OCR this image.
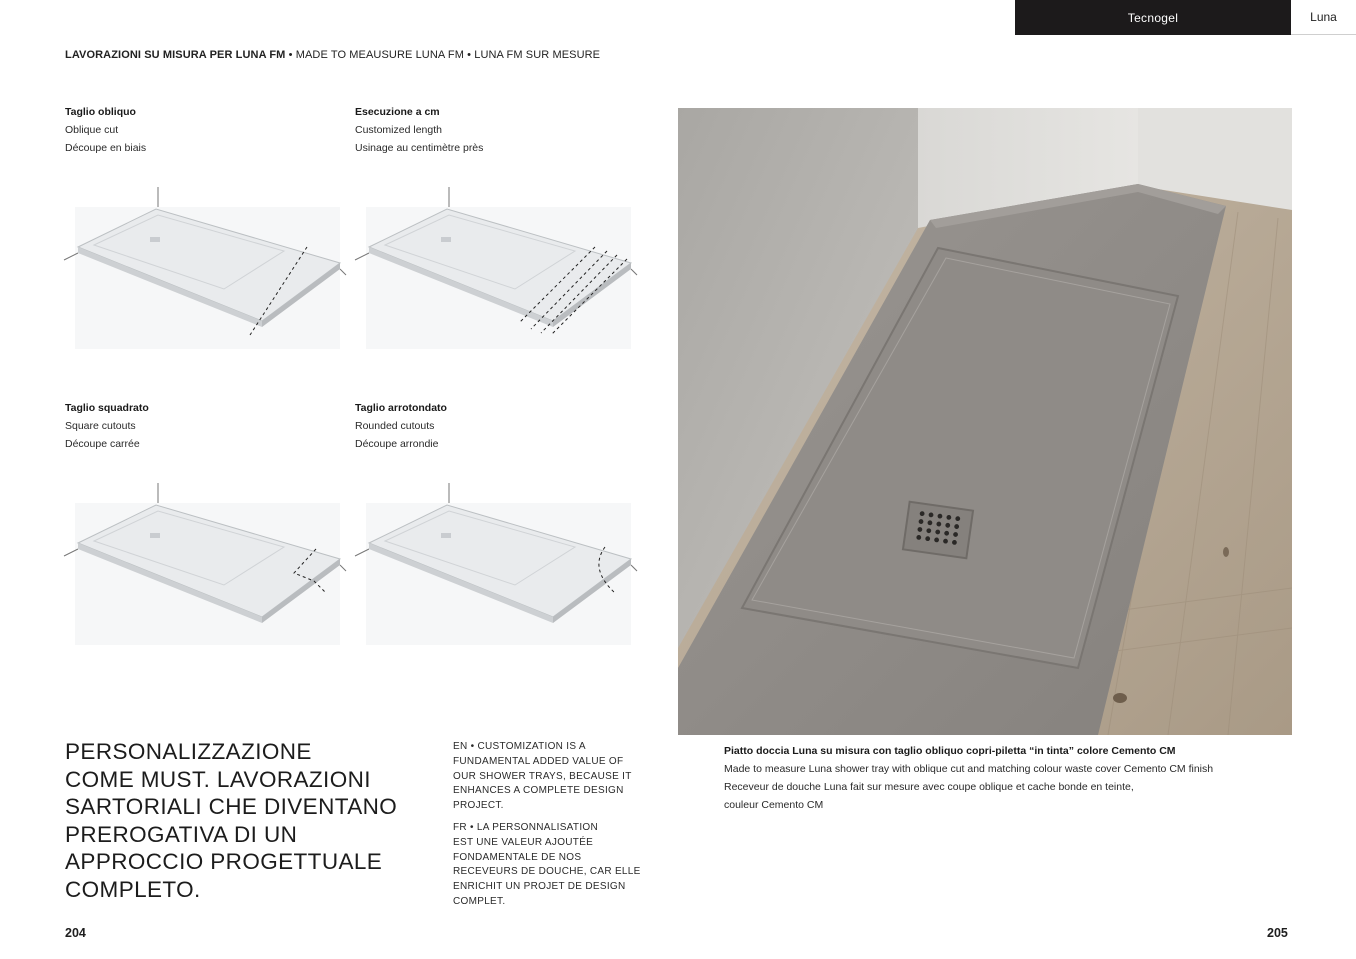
Tecnogel	Luna
LAVORAZIONI SU MISURA PER LUNA FM • MADE TO MEAUSURE LUNA FM • LUNA FM SUR MESURE
Taglio obliquo
Oblique cut
Découpe en biais
Esecuzione a cm
Customized length
Usinage au centimètre près
Taglio squadrato
Square cutouts
Découpe carrée
Taglio arrotondato
Rounded cutouts
Découpe arrondie
PERSONALIZZAZIONE
COME MUST. LAVORAZIONI
SARTORIALI CHE DIVENTANO
PREROGATIVA DI UN
APPROCCIO PROGETTUALE
COMPLETO.
EN • CUSTOMIZATION IS A
FUNDAMENTAL ADDED VALUE OF
OUR SHOWER TRAYS, BECAUSE IT
ENHANCES A COMPLETE DESIGN
PROJECT.
FR • LA PERSONNALISATION
EST UNE VALEUR AJOUTÉE
FONDAMENTALE DE NOS
RECEVEURS DE DOUCHE, CAR ELLE
ENRICHIT UN PROJET DE DESIGN
COMPLET.
Piatto doccia Luna su misura con taglio obliquo copri-piletta “in tinta” colore Cemento CM
Made to measure Luna shower tray with oblique cut and matching colour waste cover Cemento CM finish
Receveur de douche Luna fait sur mesure avec coupe oblique et cache bonde en teinte,
couleur Cemento CM
204	205
